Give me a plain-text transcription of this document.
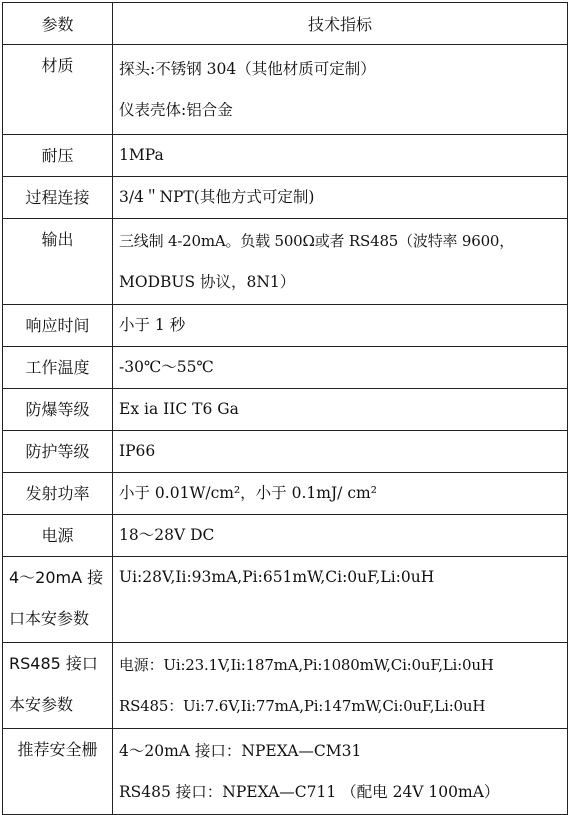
参数	技术指标

材质	探头:不锈钢 304（其他材质可定制）
仪表壳体:铝合金

耐压	1MPa

过程连接	3/4＂NPT(其他方式可定制)

输出	三线制 4-20mA。负载 500Ω或者 RS485（波特率 9600，
MODBUS 协议，8N1）

响应时间	小于 1 秒

工作温度	-30℃～55℃

防爆等级	Ex ia IIC T6 Ga

防护等级	IP66

发射功率	小于 0.01W/cm²，小于 0.1mJ/ cm²

电源	18～28V DC

4～20mA 接
口本安参数	Ui:28V,Ii:93mA,Pi:651mW,Ci:0uF,Li:0uH

RS485 接口
本安参数	电源：Ui:23.1V,Ii:187mA,Pi:1080mW,Ci:0uF,Li:0uH
RS485：Ui:7.6V,Ii:77mA,Pi:147mW,Ci:0uF,Li:0uH

推荐安全栅	4～20mA 接口：NPEXA—CM31
RS485 接口：NPEXA—C711 （配电 24V 100mA）
